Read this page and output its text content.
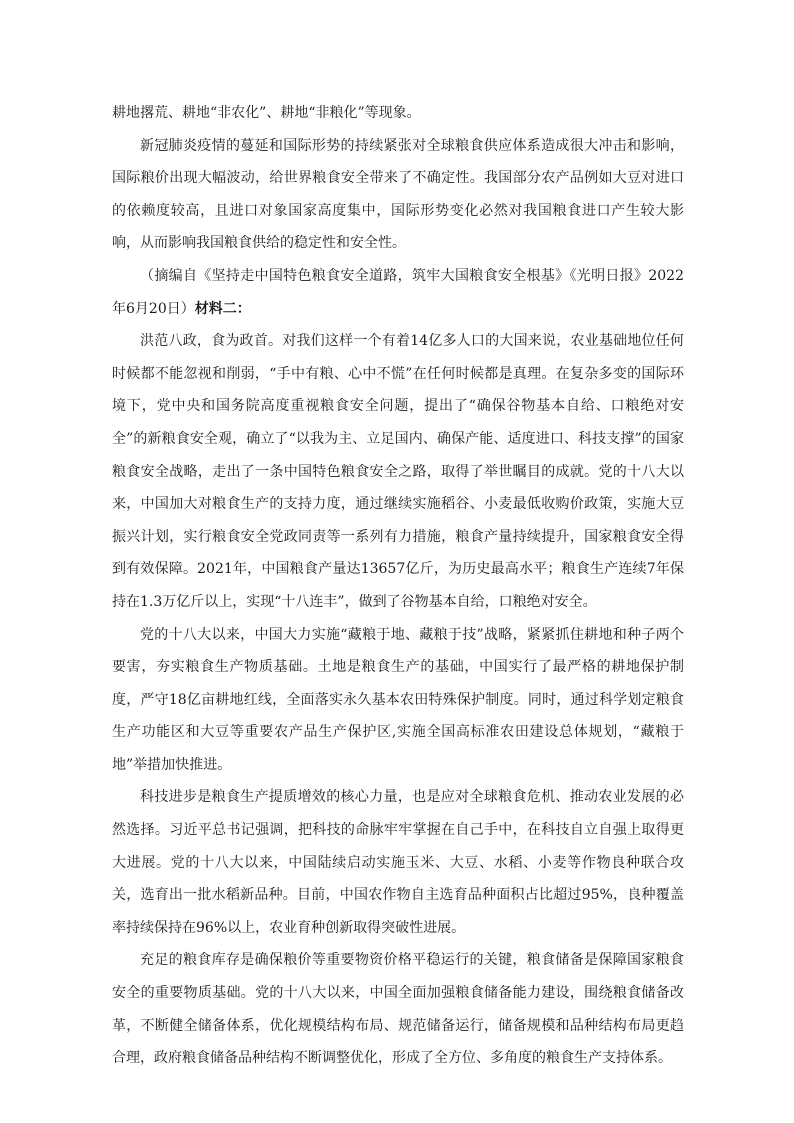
耕地撂荒、耕地“非农化”、耕地“非粮化”等现象。

新冠肺炎疫情的蔓延和国际形势的持续紧张对全球粮食供应体系造成很大冲击和影响，国际粮价出现大幅波动，给世界粮食安全带来了不确定性。我国部分农产品例如大豆对进口的依赖度较高，且进口对象国家高度集中，国际形势变化必然对我国粮食进口产生较大影响，从而影响我国粮食供给的稳定性和安全性。

（摘编自《坚持走中国特色粮食安全道路，筑牢大国粮食安全根基》《光明日报》2022年6月20日）材料二：

洪范八政，食为政首。对我们这样一个有着14亿多人口的大国来说，农业基础地位任何时候都不能忽视和削弱，“手中有粮、心中不慌”在任何时候都是真理。在复杂多变的国际环境下，党中央和国务院高度重视粮食安全问题，提出了“确保谷物基本自给、口粮绝对安全”的新粮食安全观，确立了“以我为主、立足国内、确保产能、适度进口、科技支撑”的国家粮食安全战略，走出了一条中国特色粮食安全之路，取得了举世瞩目的成就。党的十八大以来，中国加大对粮食生产的支持力度，通过继续实施稻谷、小麦最低收购价政策，实施大豆振兴计划，实行粮食安全党政同责等一系列有力措施，粮食产量持续提升，国家粮食安全得到有效保障。2021年，中国粮食产量达13657亿斤，为历史最高水平；粮食生产连续7年保持在1.3万亿斤以上，实现“十八连丰”，做到了谷物基本自给，口粮绝对安全。

党的十八大以来，中国大力实施“藏粮于地、藏粮于技”战略，紧紧抓住耕地和种子两个要害，夯实粮食生产物质基础。土地是粮食生产的基础，中国实行了最严格的耕地保护制度，严守18亿亩耕地红线，全面落实永久基本农田特殊保护制度。同时，通过科学划定粮食生产功能区和大豆等重要农产品生产保护区,实施全国高标准农田建设总体规划，“藏粮于地”举措加快推进。

科技进步是粮食生产提质增效的核心力量，也是应对全球粮食危机、推动农业发展的必然选择。习近平总书记强调，把科技的命脉牢牢掌握在自己手中，在科技自立自强上取得更大进展。党的十八大以来，中国陆续启动实施玉米、大豆、水稻、小麦等作物良种联合攻关，选育出一批水稻新品种。目前，中国农作物自主选育品种面积占比超过95%，良种覆盖率持续保持在96%以上，农业育种创新取得突破性进展。

充足的粮食库存是确保粮价等重要物资价格平稳运行的关键，粮食储备是保障国家粮食安全的重要物质基础。党的十八大以来，中国全面加强粮食储备能力建设，围绕粮食储备改革，不断健全储备体系，优化规模结构布局、规范储备运行，储备规模和品种结构布局更趋合理，政府粮食储备品种结构不断调整优化，形成了全方位、多角度的粮食生产支持体系。
